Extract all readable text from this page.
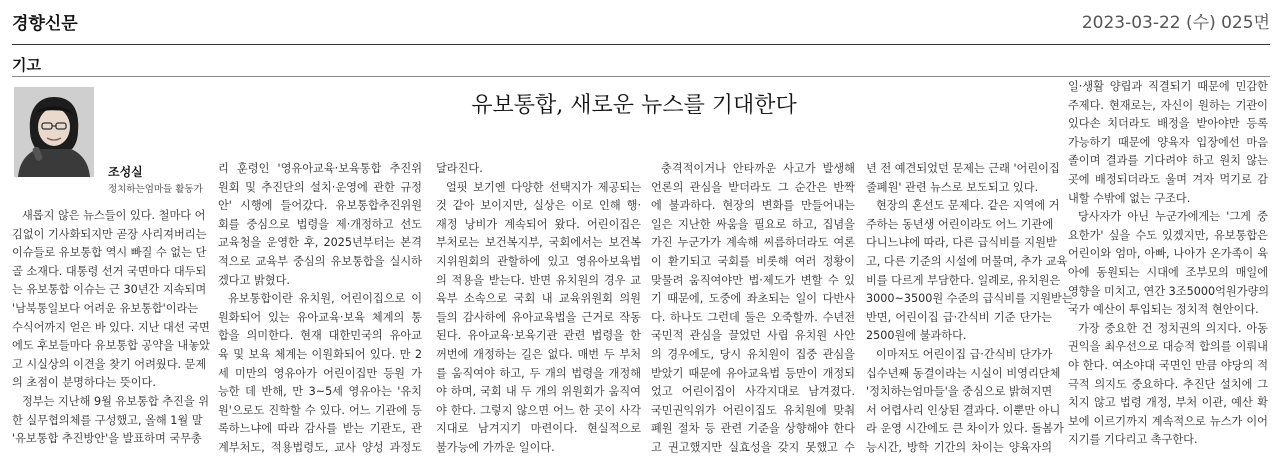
경향신문	2023-03-22 (수) 025면
기고
조성실
정치하는엄마들 활동가
유보통합, 새로운 뉴스를 기대한다
새롭지 않은 뉴스들이 있다. 철마다 어
김없이 기사화되지만 곧장 사리져버리는
이슈들로 유보통합 역시 빠질 수 없는 단
골 소재다. 대통령 선거 국면마다 대두되
는 유보통합 이슈는 근 30년간 지속되며
'남북통일보다 어려운 유보통합'이라는
수식어까지 얻은 바 있다. 지난 대선 국면
에도 후보들마다 유보통합 공약을 내놓았
고 시실상의 이견을 찾기 어려웠다. 문제
의 초점이 분명하다는 뜻이다.
정부는 지난해 9월 유보통합 추진을 위
한 실무협의체를 구성했고, 올해 1월 말
'유보통합 추진방안'을 발표하며 국무총
리 훈령인 '영유아교육·보육통합 추진위
원회 및 추진단의 설치·운영에 관한 규정
안' 시행에 들어갔다. 유보통합추진위원
회를 중심으로 법령을 제·개정하고 선도
교육청을 운영한 후, 2025년부터는 본격
적으로 교육부 중심의 유보통합을 실시하
겠다고 밝혔다.
유보통합이란 유치원, 어린이집으로 이
원화되어 있는 유아교육·보육 체계의 통
합을 의미한다. 현재 대한민국의 유아교
육 및 보육 체계는 이원화되어 있다. 만 2
세 미만의 영유아가 어린이집만 등원 가
능한 데 반해, 만 3~5세 영유아는 '유치
원'으로도 진학할 수 있다. 어느 기관에 등
록하느냐에 따라 감사를 받는 기관도, 관
계부처도, 적용법령도, 교사 양성 과정도
달라진다.
얼핏 보기엔 다양한 선택지가 제공되는
것 같아 보이지만, 실상은 이로 인해 행·
재정 낭비가 계속되어 왔다. 어린이집은
부처로는 보건복지부, 국회에서는 보건복
지위원회의 관할하에 있고 영유아보육법
의 적용을 받는다. 반면 유치원의 경우 교
육부 소속으로 국회 내 교육위원회 의원
들의 감사하에 유아교육법을 근거로 작동
된다. 유아교육·보육기관 관련 법령을 한
꺼번에 개정하는 길은 없다. 매번 두 부처
를 움직여야 하고, 두 개의 법령을 개정해
야 하며, 국회 내 두 개의 위원회가 움직여
야 한다. 그렇지 않으면 어느 한 곳이 사각
지대로 남겨지기 마련이다. 현실적으로
불가능에 가까운 일이다.
충격적이거나 안타까운 사고가 발생해
언론의 관심을 받더라도 그 순간은 반짝
에 불과하다. 현장의 변화를 만들어내는
일은 지난한 싸움을 필요로 하고, 집념을
가진 누군가가 계속해 씨름하더라도 여론
이 환기되고 국회를 비롯해 여러 정황이
맞물려 움직여야만 법·제도가 변할 수 있
기 때문에, 도중에 좌초되는 일이 다반사
다. 하나도 그런데 둘은 오죽할까. 수년전
국민적 관심을 끌었던 사립 유치원 사안
의 경우에도, 당시 유치원이 집중 관심을
받았기 때문에 유아교육법 등만이 개정되
었고 어린이집이 사각지대로 남겨졌다.
국민권익위가 어린이집도 유치원에 맞춰
폐원 절차 등 관련 기준을 상향해야 한다
고 권고했지만 실효성을 갖지 못했고 수
년 전 예견되었던 문제는 근래 '어린이집
줄폐원' 관련 뉴스로 보도되고 있다.
현장의 혼선도 문제다. 같은 지역에 거
주하는 동년생 어린이라도 어느 기관에
다니느냐에 따라, 다른 급식비를 지원받
고, 다른 기준의 시설에 머물며, 추가 교육
비를 다르게 부담한다. 일례로, 유치원은
3000~3500원 수준의 급식비를 지원받는
반면, 어린이집 급·간식비 기준 단가는
2500원에 불과하다.
이마저도 어린이집 급·간식비 단가가
십수년째 동결이라는 시실이 비영리단체
'정치하는엄마들'을 중심으로 밝혀지면
서 어렵사리 인상된 결과다. 이뿐만 아니
라 운영 시간에도 큰 차이가 있다. 돌봄가
능시간, 방학 기간의 차이는 양육자의
일·생활 양립과 직결되기 때문에 민감한
주제다. 현재로는, 자신이 원하는 기관이
있다손 치더라도 배정을 받아야만 등록
가능하기 때문에 양육자 입장에선 마음
졸이며 결과를 기다려야 하고 원치 않는
곳에 배정되더라도 울며 겨자 먹기로 감
내할 수밖에 없는 구조다.
당사자가 아닌 누군가에게는 '그게 중
요한가' 싶을 수도 있겠지만, 유보통합은
어린이와 엄마, 아빠, 나아가 온가족이 육
아에 동원되는 시대에 조부모의 매일에
영향을 미치고, 연간 3조5000억원가량의
국가 예산이 투입되는 정치적 현안이다.
가장 중요한 건 정치권의 의지다. 아동
권익을 최우선으로 대승적 합의를 이뤄내
야 한다. 여소야대 국면인 만큼 야당의 적
극적 의지도 중요하다. 추진단 설치에 그
치지 않고 법령 개정, 부처 이관, 예산 확
보에 이르기까지 계속적으로 뉴스가 이어
지기를 기다리고 촉구한다.
